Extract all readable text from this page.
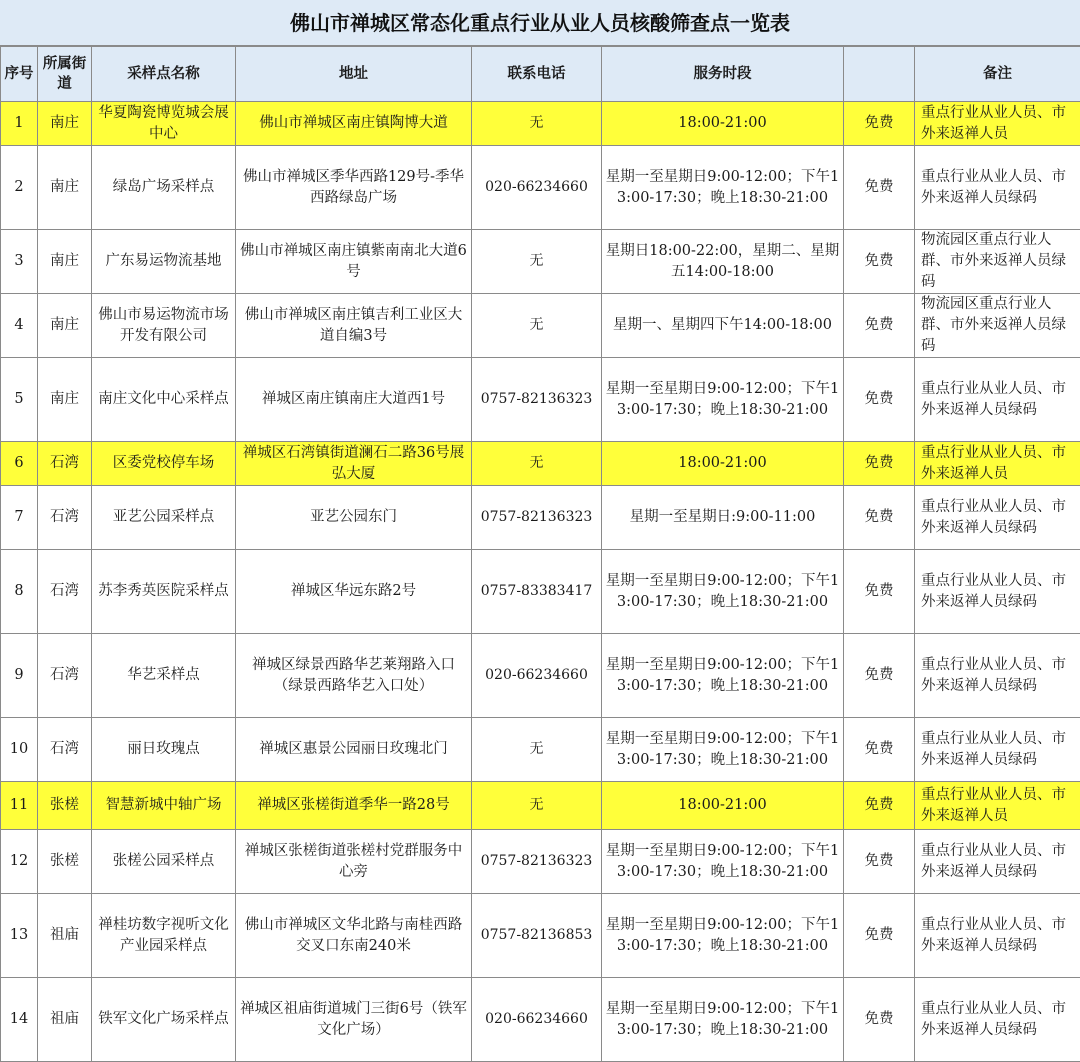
佛山市禅城区常态化重点行业从业人员核酸筛查点一览表
序号	所属街道	采样点名称	地址	联系电话	服务时段		备注
1	南庄	华夏陶瓷博览城会展中心	佛山市禅城区南庄镇陶博大道	无	18:00-21:00	免费	重点行业从业人员、市外来返禅人员
2	南庄	绿岛广场采样点	佛山市禅城区季华西路129号-季华西路绿岛广场	020-66234660	星期一至星期日9:00-12:00；下午13:00-17:30；晚上18:30-21:00	免费	重点行业从业人员、市外来返禅人员绿码
3	南庄	广东易运物流基地	佛山市禅城区南庄镇紫南南北大道6号	无	星期日18:00-22:00，星期二、星期五14:00-18:00	免费	物流园区重点行业人群、市外来返禅人员绿码
4	南庄	佛山市易运物流市场开发有限公司	佛山市禅城区南庄镇吉利工业区大道自编3号	无	星期一、星期四下午14:00-18:00	免费	物流园区重点行业人群、市外来返禅人员绿码
5	南庄	南庄文化中心采样点	禅城区南庄镇南庄大道西1号	0757-82136323	星期一至星期日9:00-12:00；下午13:00-17:30；晚上18:30-21:00	免费	重点行业从业人员、市外来返禅人员绿码
6	石湾	区委党校停车场	禅城区石湾镇街道澜石二路36号展弘大厦	无	18:00-21:00	免费	重点行业从业人员、市外来返禅人员
7	石湾	亚艺公园采样点	亚艺公园东门	0757-82136323	星期一至星期日:9:00-11:00	免费	重点行业从业人员、市外来返禅人员绿码
8	石湾	苏李秀英医院采样点	禅城区华远东路2号	0757-83383417	星期一至星期日9:00-12:00；下午13:00-17:30；晚上18:30-21:00	免费	重点行业从业人员、市外来返禅人员绿码
9	石湾	华艺采样点	禅城区绿景西路华艺莱翔路入口（绿景西路华艺入口处）	020-66234660	星期一至星期日9:00-12:00；下午13:00-17:30；晚上18:30-21:00	免费	重点行业从业人员、市外来返禅人员绿码
10	石湾	丽日玫瑰点	禅城区惠景公园丽日玫瑰北门	无	星期一至星期日9:00-12:00；下午13:00-17:30；晚上18:30-21:00	免费	重点行业从业人员、市外来返禅人员绿码
11	张槎	智慧新城中轴广场	禅城区张槎街道季华一路28号	无	18:00-21:00	免费	重点行业从业人员、市外来返禅人员
12	张槎	张槎公园采样点	禅城区张槎街道张槎村党群服务中心旁	0757-82136323	星期一至星期日9:00-12:00；下午13:00-17:30；晚上18:30-21:00	免费	重点行业从业人员、市外来返禅人员绿码
13	祖庙	禅桂坊数字视听文化产业园采样点	佛山市禅城区文华北路与南桂西路交叉口东南240米	0757-82136853	星期一至星期日9:00-12:00；下午13:00-17:30；晚上18:30-21:00	免费	重点行业从业人员、市外来返禅人员绿码
14	祖庙	铁军文化广场采样点	禅城区祖庙街道城门三街6号（铁军文化广场）	020-66234660	星期一至星期日9:00-12:00；下午13:00-17:30；晚上18:30-21:00	免费	重点行业从业人员、市外来返禅人员绿码
